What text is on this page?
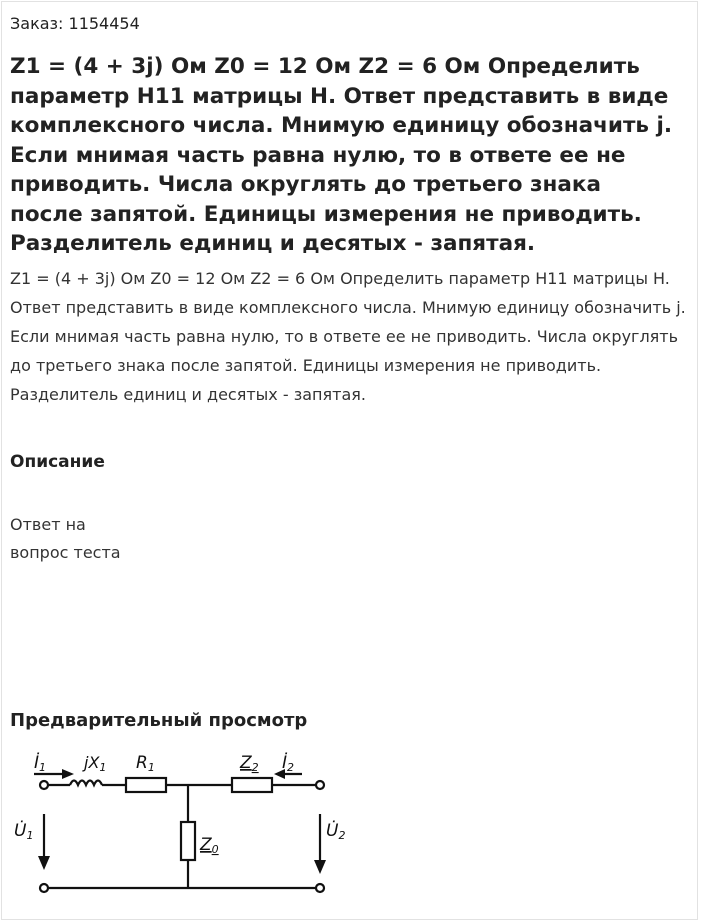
Заказ: 1154454
Z1 = (4 + 3j) Ом Z0 = 12 Ом Z2 = 6 Ом Определить параметр H11 матрицы H. Ответ представить в виде комплексного числа. Мнимую единицу обозначить j. Если мнимая часть равна нулю, то в ответе ее не приводить. Числа округлять до третьего знака после запятой. Единицы измерения не приводить. Разделитель единиц и десятых - запятая.

Z1 = (4 + 3j) Ом Z0 = 12 Ом Z2 = 6 Ом Определить параметр H11 матрицы H. Ответ представить в виде комплексного числа. Мнимую единицу обозначить j. Если мнимая часть равна нулю, то в ответе ее не приводить. Числа округлять до третьего знака после запятой. Единицы измерения не приводить. Разделитель единиц и десятых - запятая.

Описание
Ответ на
вопрос теста
Предварительный просмотр
İ1 jX1 R1	Z2 İ2
U̇1	Z0
U̇2
